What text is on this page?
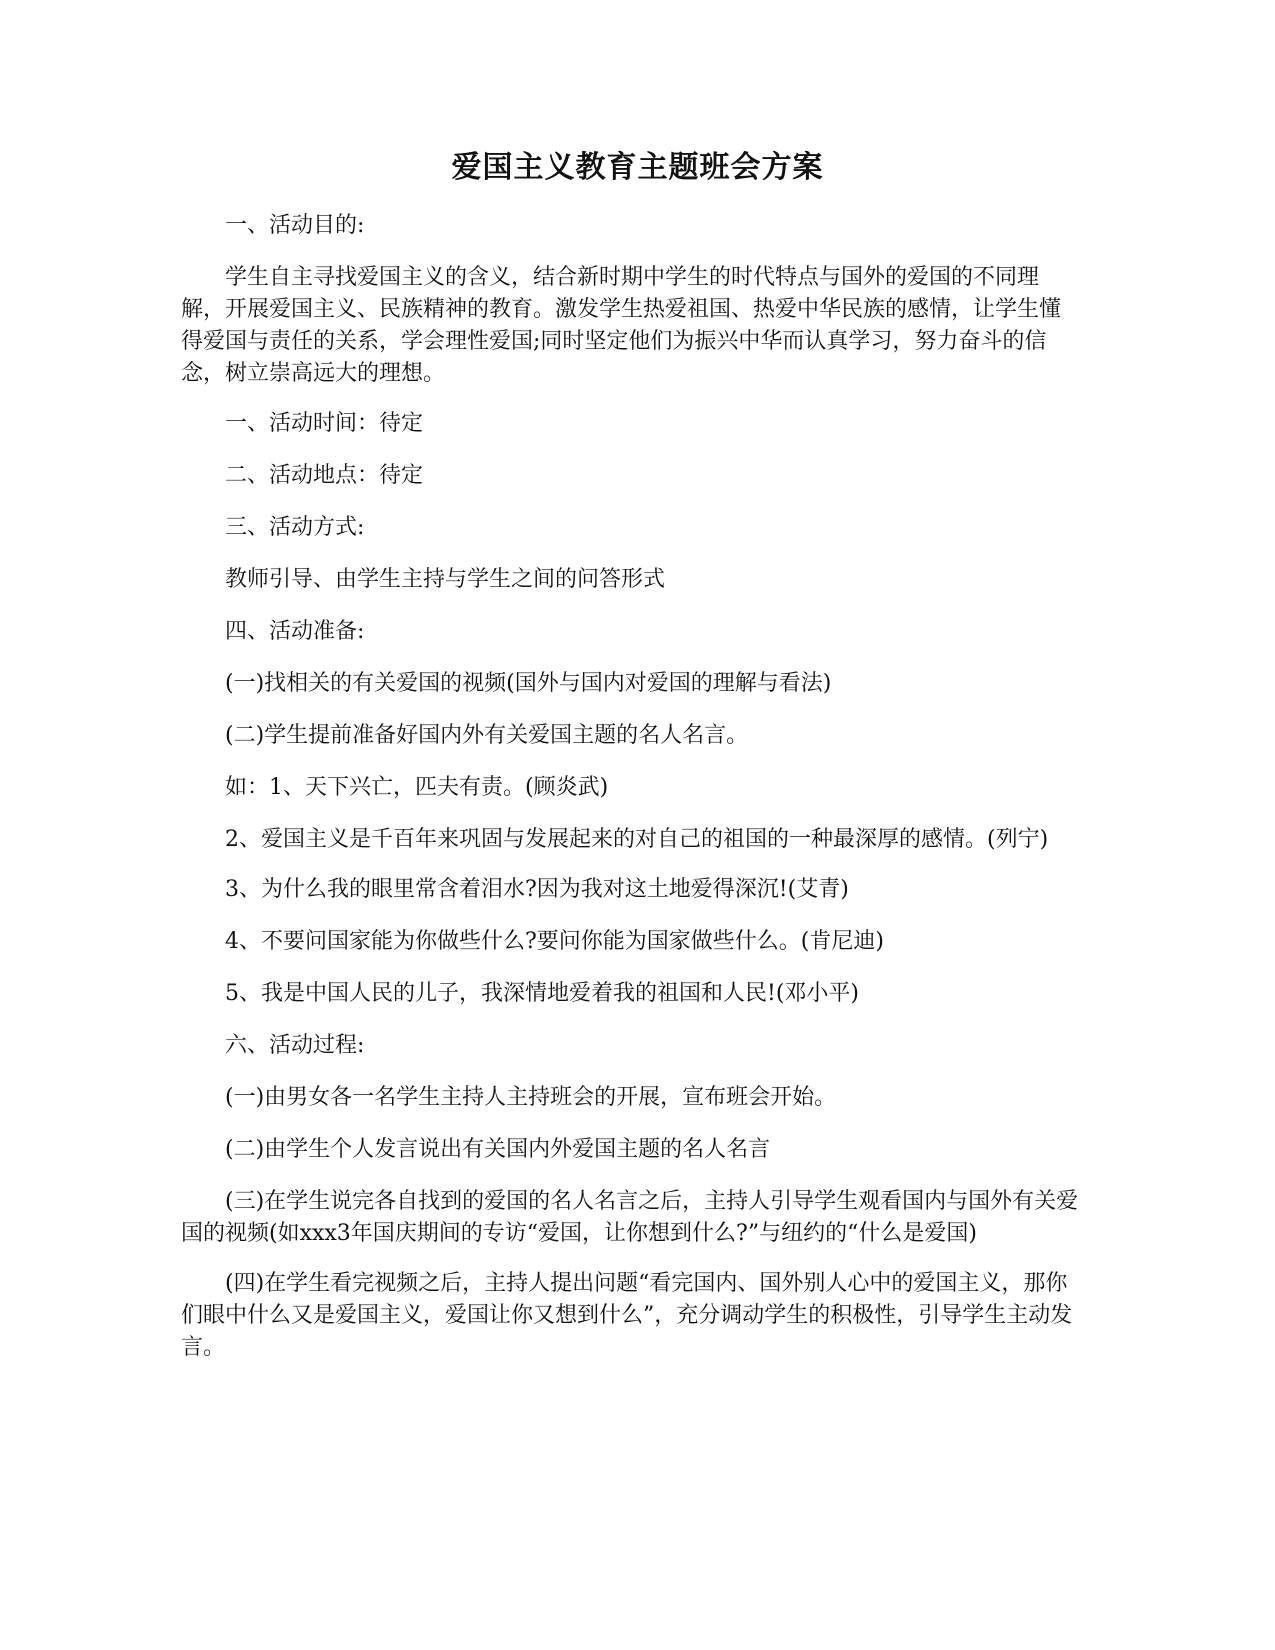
爱国主义教育主题班会方案

一、活动目的:

学生自主寻找爱国主义的含义，结合新时期中学生的时代特点与国外的爱国的不同理解，开展爱国主义、民族精神的教育。激发学生热爱祖国、热爱中华民族的感情，让学生懂得爱国与责任的关系，学会理性爱国;同时坚定他们为振兴中华而认真学习，努力奋斗的信念，树立崇高远大的理想。

一、活动时间：待定

二、活动地点：待定

三、活动方式:

教师引导、由学生主持与学生之间的问答形式

四、活动准备:

(一)找相关的有关爱国的视频(国外与国内对爱国的理解与看法)

(二)学生提前准备好国内外有关爱国主题的名人名言。

如：1、天下兴亡，匹夫有责。(顾炎武)

2、爱国主义是千百年来巩固与发展起来的对自己的祖国的一种最深厚的感情。(列宁)

3、为什么我的眼里常含着泪水?因为我对这土地爱得深沉!(艾青)

4、不要问国家能为你做些什么?要问你能为国家做些什么。(肯尼迪)

5、我是中国人民的儿子，我深情地爱着我的祖国和人民!(邓小平)

六、活动过程:

(一)由男女各一名学生主持人主持班会的开展，宣布班会开始。

(二)由学生个人发言说出有关国内外爱国主题的名人名言

(三)在学生说完各自找到的爱国的名人名言之后，主持人引导学生观看国内与国外有关爱国的视频(如xxx3年国庆期间的专访“爱国，让你想到什么?”与纽约的“什么是爱国)

(四)在学生看完视频之后，主持人提出问题“看完国内、国外别人心中的爱国主义，那你们眼中什么又是爱国主义，爱国让你又想到什么”，充分调动学生的积极性，引导学生主动发言。
